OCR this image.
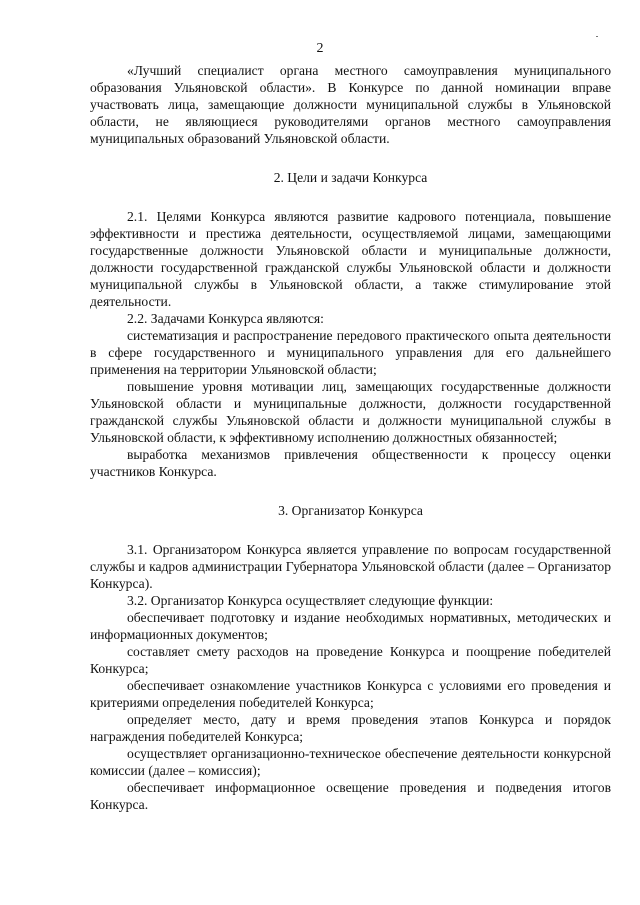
2

«Лучший специалист органа местного самоуправления муниципального образования Ульяновской области». В Конкурсе по данной номинации вправе участвовать лица, замещающие должности муниципальной службы в Ульяновской области, не являющиеся руководителями органов местного самоуправления муниципальных образований Ульяновской области.

2. Цели и задачи Конкурса

2.1. Целями Конкурса являются развитие кадрового потенциала, повышение эффективности и престижа деятельности, осуществляемой лицами, замещающими государственные должности Ульяновской области и муниципальные должности, должности государственной гражданской службы Ульяновской области и должности муниципальной службы в Ульяновской области, а также стимулирование этой деятельности.

2.2. Задачами Конкурса являются:

систематизация и распространение передового практического опыта деятельности в сфере государственного и муниципального управления для его дальнейшего применения на территории Ульяновской области;

повышение уровня мотивации лиц, замещающих государственные должности Ульяновской области и муниципальные должности, должности государственной гражданской службы Ульяновской области и должности муниципальной службы в Ульяновской области, к эффективному исполнению должностных обязанностей;

выработка механизмов привлечения общественности к процессу оценки участников Конкурса.

3. Организатор Конкурса

3.1. Организатором Конкурса является управление по вопросам государственной службы и кадров администрации Губернатора Ульяновской области (далее – Организатор Конкурса).

3.2. Организатор Конкурса осуществляет следующие функции:

обеспечивает подготовку и издание необходимых нормативных, методических и информационных документов;

составляет смету расходов на проведение Конкурса и поощрение победителей Конкурса;

обеспечивает ознакомление участников Конкурса с условиями его проведения и критериями определения победителей Конкурса;

определяет место, дату и время проведения этапов Конкурса и порядок награждения победителей Конкурса;

осуществляет организационно-техническое обеспечение деятельности конкурсной комиссии (далее – комиссия);

обеспечивает информационное освещение проведения и подведения итогов Конкурса.
